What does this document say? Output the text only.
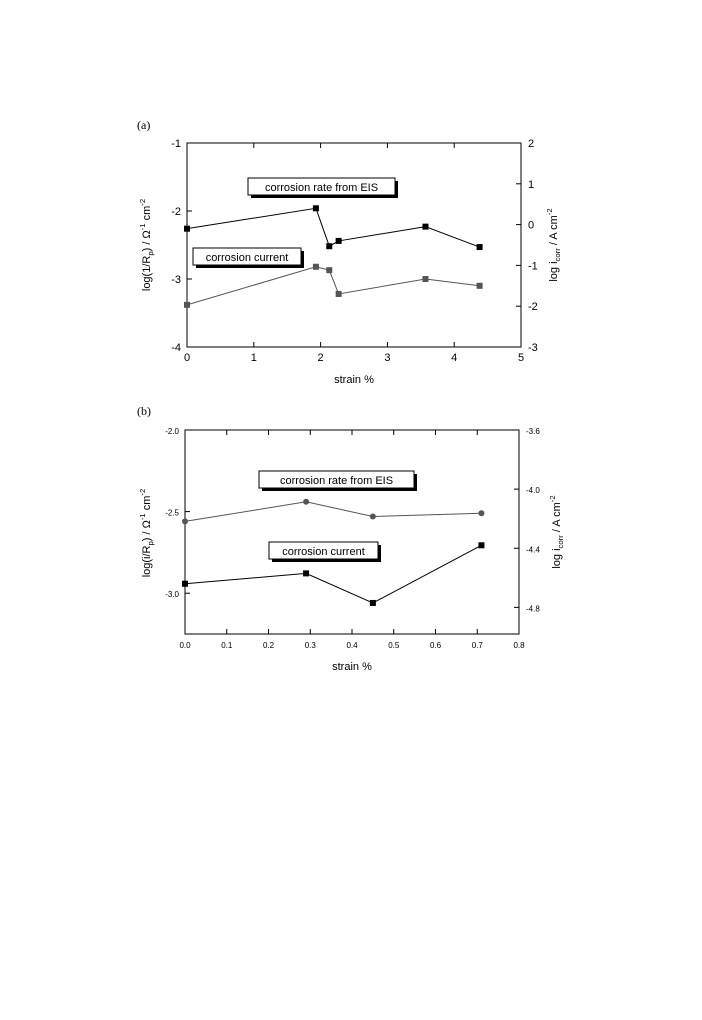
(a)
(b)
0	1	2	3	4	5
-1
-2
-3
-4
2
1
0
-1
-2
-3
strain %
corrosion rate from EIS
corrosion current
0.0	0.1	0.2	0.3	0.4	0.5	0.6	0.7	0.8
-2.0
-2.5
-3.0
-3.6
-4.0
-4.4
-4.8
strain %
corrosion rate from EIS
corrosion current
$\log(1/R_p) / \Omega^{-1}$ $cm^{-2}$
$\log i_{corr}$ / A $cm^{-2}$
$\log(i/R_p) / \Omega^{-1}$ $cm^{-2}$
$\log i_{corr}$ / A $cm^{-2}$
